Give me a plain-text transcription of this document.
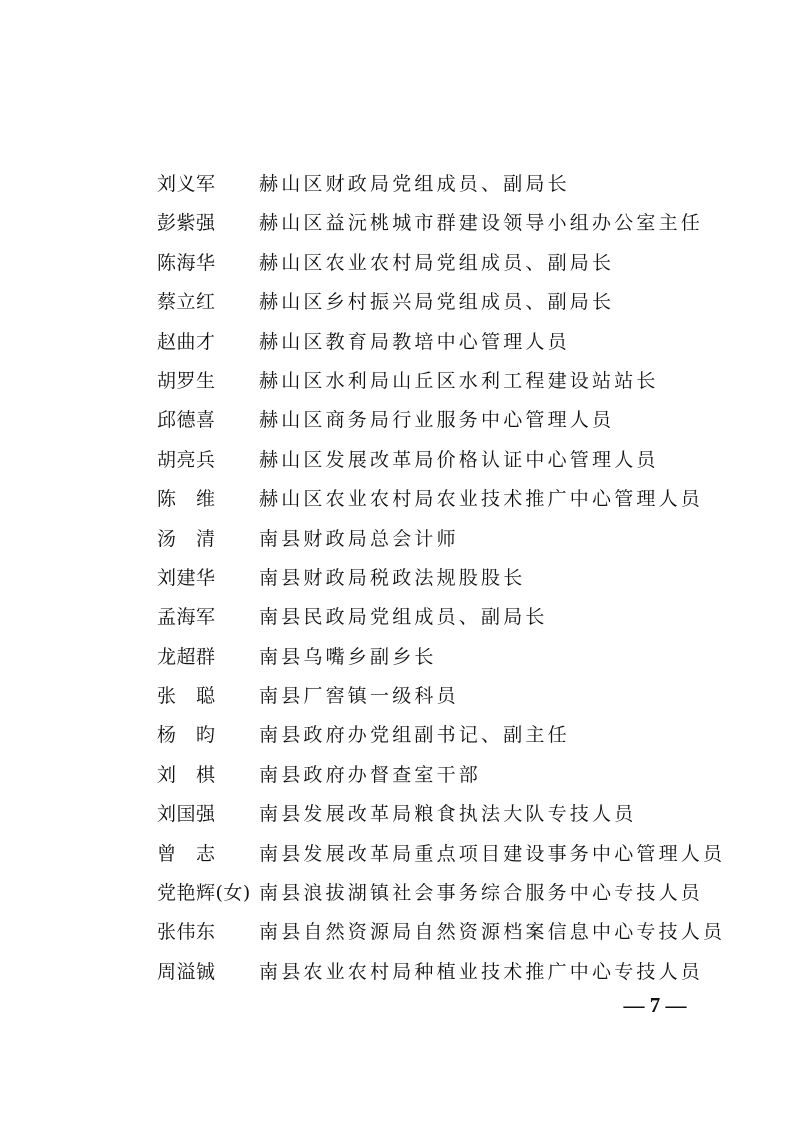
刘义军	赫山区财政局党组成员、副局长
彭紫强	赫山区益沅桃城市群建设领导小组办公室主任
陈海华	赫山区农业农村局党组成员、副局长
蔡立红	赫山区乡村振兴局党组成员、副局长
赵曲才	赫山区教育局教培中心管理人员
胡罗生	赫山区水利局山丘区水利工程建设站站长
邱德喜	赫山区商务局行业服务中心管理人员
胡亮兵	赫山区发展改革局价格认证中心管理人员
陈　维	赫山区农业农村局农业技术推广中心管理人员
汤　清	南县财政局总会计师
刘建华	南县财政局税政法规股股长
孟海军	南县民政局党组成员、副局长
龙超群	南县乌嘴乡副乡长
张　聪	南县厂窖镇一级科员
杨　昀	南县政府办党组副书记、副主任
刘　棋	南县政府办督查室干部
刘国强	南县发展改革局粮食执法大队专技人员
曾　志	南县发展改革局重点项目建设事务中心管理人员
党艳辉(女) 南县浪拔湖镇社会事务综合服务中心专技人员
张伟东	南县自然资源局自然资源档案信息中心专技人员
周溢铖	南县农业农村局种植业技术推广中心专技人员
— 7 —
